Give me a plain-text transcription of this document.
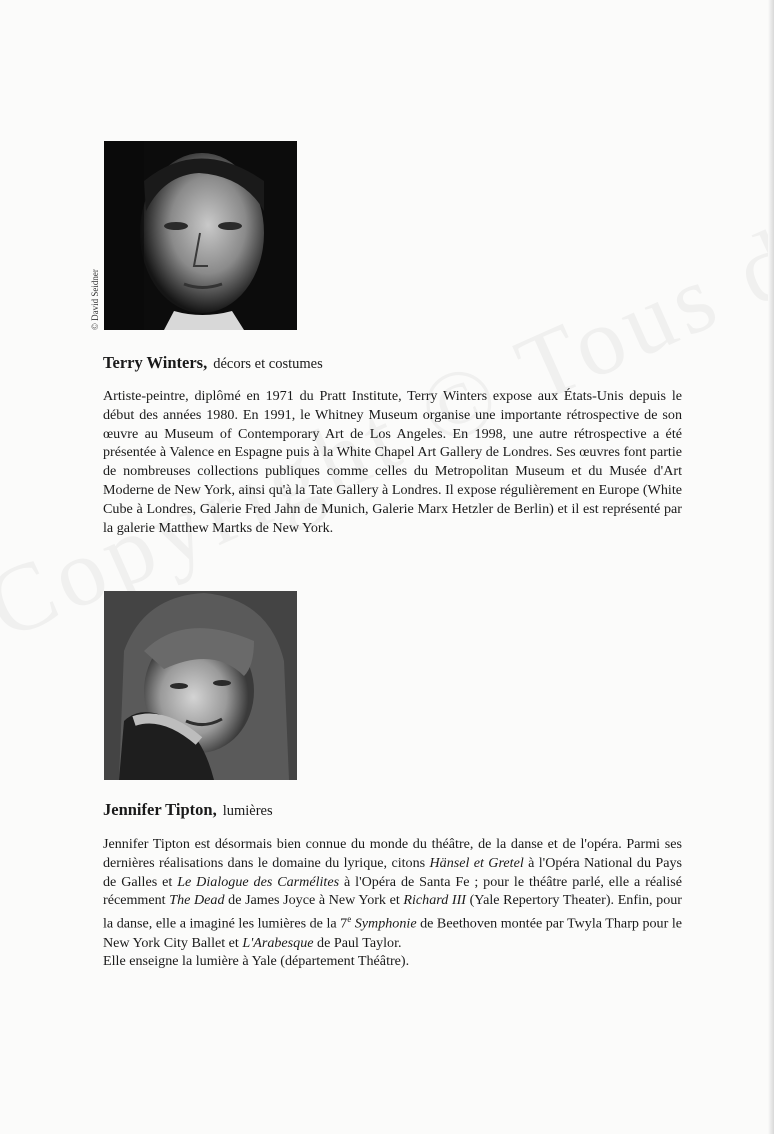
© David Seidner
Terry Winters, décors et costumes

Artiste-peintre, diplômé en 1971 du Pratt Institute, Terry Winters expose aux États-Unis depuis le début des années 1980. En 1991, le Whitney Museum organise une importante rétrospective de son œuvre au Museum of Contemporary Art de Los Angeles. En 1998, une autre rétrospective a été présentée à Valence en Espagne puis à la White Chapel Art Gallery de Londres. Ses œuvres font partie de nombreuses collections publiques comme celles du Metropolitan Museum et du Musée d'Art Moderne de New York, ainsi qu'à la Tate Gallery à Londres. Il expose régulièrement en Europe (White Cube à Londres, Galerie Fred Jahn de Munich, Galerie Marx Hetzler de Berlin) et il est représenté par la galerie Matthew Martks de New York.

Jennifer Tipton, lumières

Jennifer Tipton est désormais bien connue du monde du théâtre, de la danse et de l'opéra. Parmi ses dernières réalisations dans le domaine du lyrique, citons Hänsel et Gretel à l'Opéra National du Pays de Galles et Le Dialogue des Carmélites à l'Opéra de Santa Fe ; pour le théâtre parlé, elle a réalisé récemment The Dead de James Joyce à New York et Richard III (Yale Repertory Theater). Enfin, pour la danse, elle a imaginé les lumières de la 7e Symphonie de Beethoven montée par Twyla Tharp pour le New York City Ballet et L'Arabesque de Paul Taylor.

Elle enseigne la lumière à Yale (département Théâtre).
